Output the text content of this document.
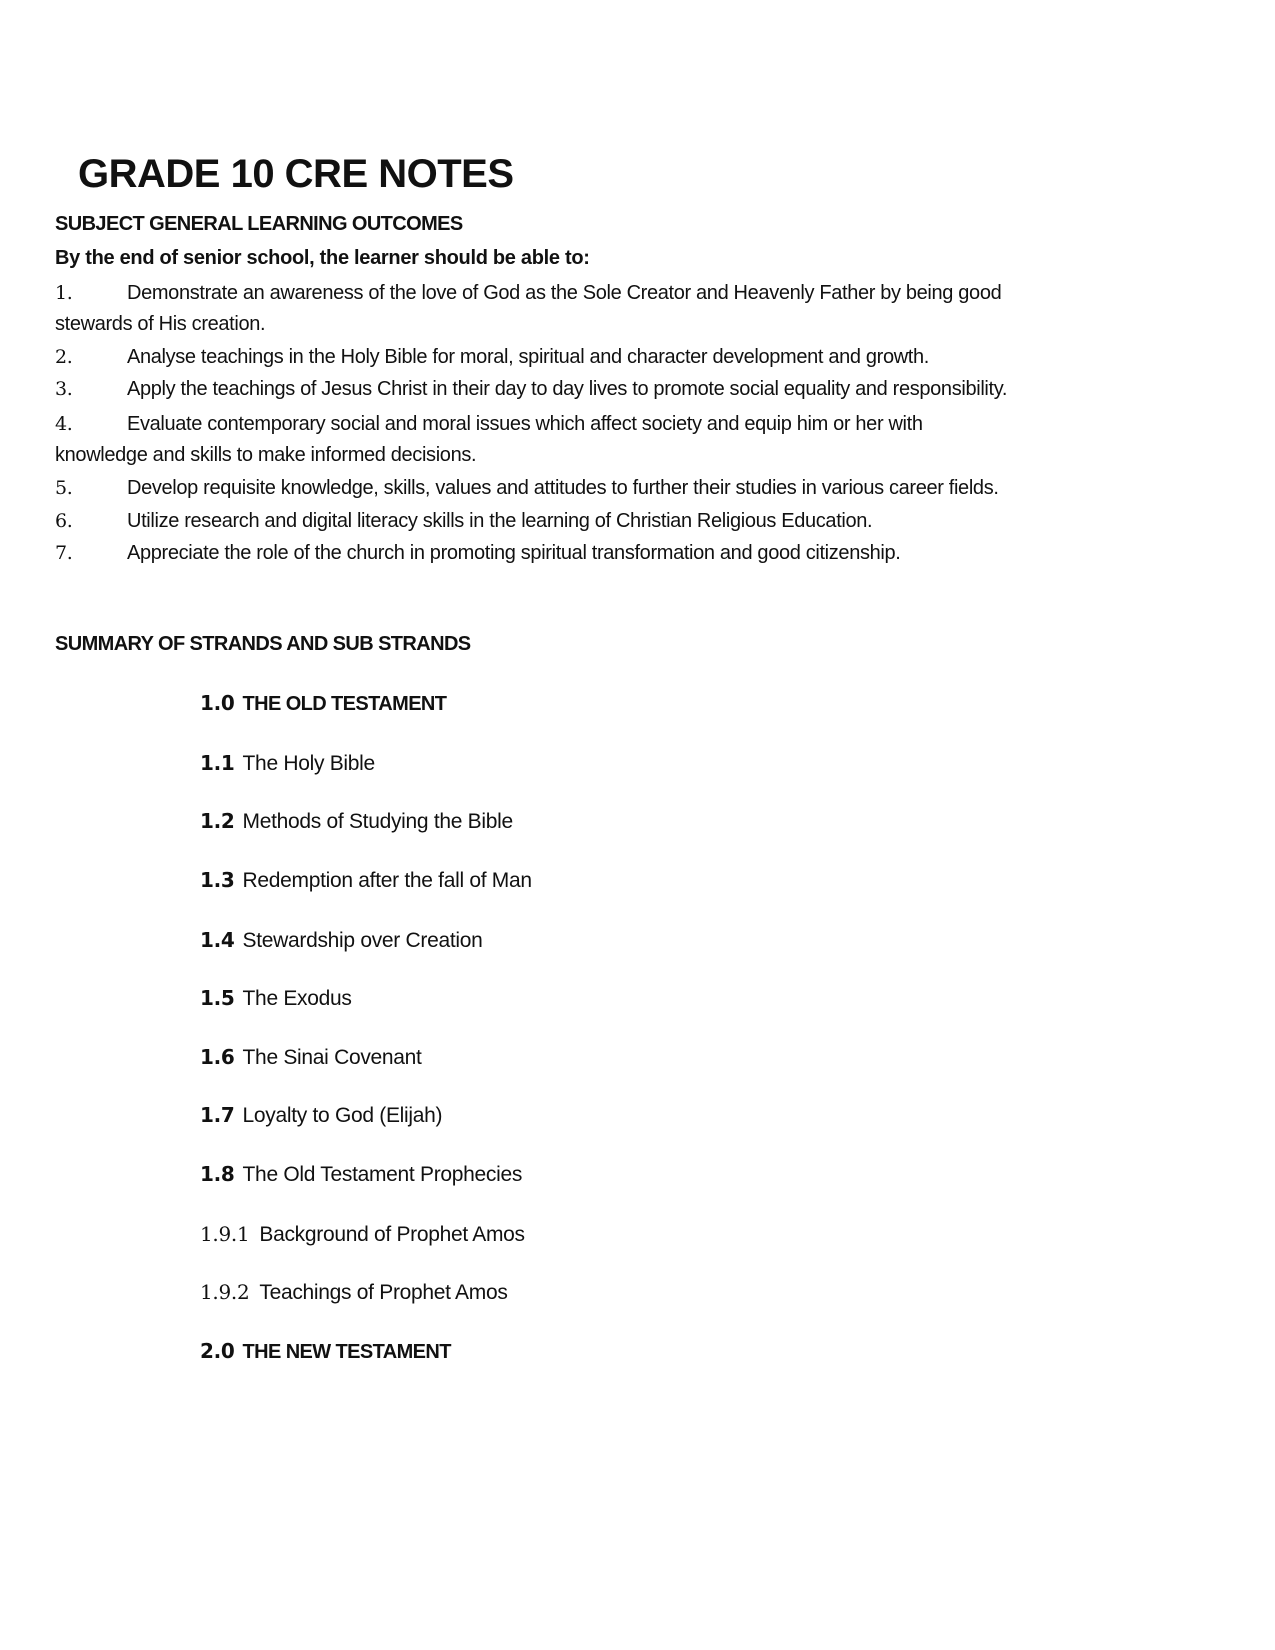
GRADE 10 CRE NOTES
SUBJECT GENERAL LEARNING OUTCOMES

By the end of senior school, the learner should be able to:

1.	Demonstrate an awareness of the love of God as the Sole Creator and Heavenly Father by being good
stewards of His creation.
2.	Analyse teachings in the Holy Bible for moral, spiritual and character development and growth.
3.	Apply the teachings of Jesus Christ in their day to day lives to promote social equality and responsibility.
4.	Evaluate contemporary social and moral issues which affect society and equip him or her with
knowledge and skills to make informed decisions.
5.	Develop requisite knowledge, skills, values and attitudes to further their studies in various career fields.
6.	Utilize research and digital literacy skills in the learning of Christian Religious Education.
7.	Appreciate the role of the church in promoting spiritual transformation and good citizenship.
SUMMARY OF STRANDS AND SUB STRANDS
1.0 THE OLD TESTAMENT
1.1 The Holy Bible
1.2 Methods of Studying the Bible
1.3 Redemption after the fall of Man
1.4 Stewardship over Creation
1.5 The Exodus
1.6 The Sinai Covenant
1.7 Loyalty to God (Elijah)
1.8 The Old Testament Prophecies
1.9.1 Background of Prophet Amos
1.9.2 Teachings of Prophet Amos
2.0 THE NEW TESTAMENT
